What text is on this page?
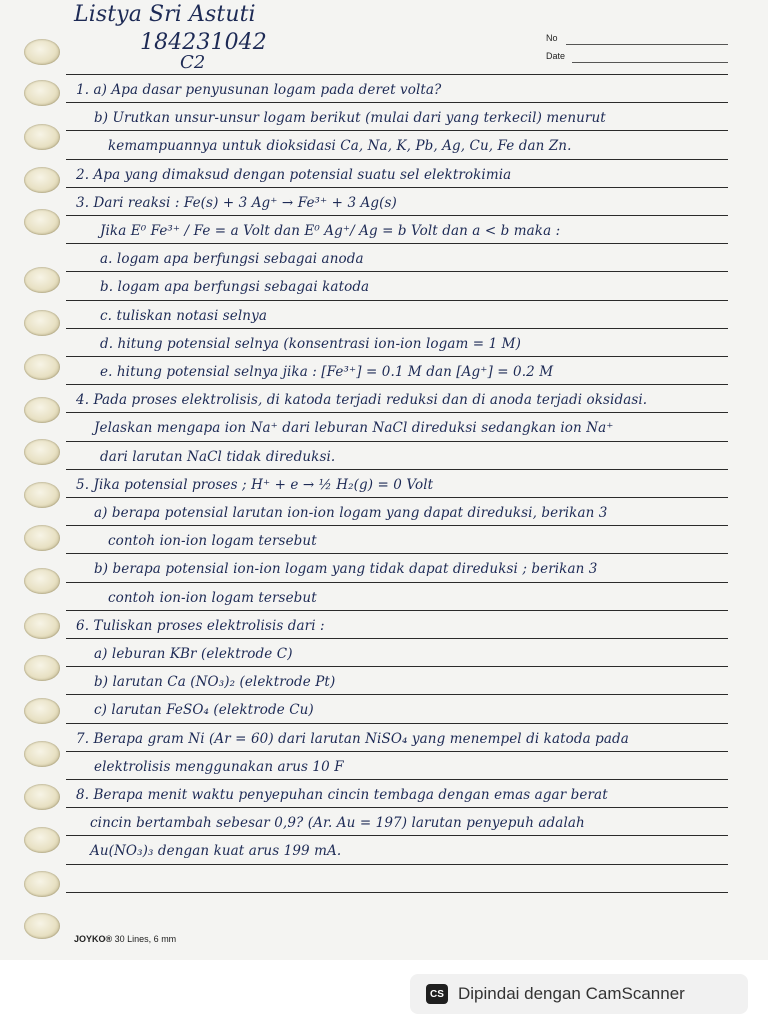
Listya Sri Astuti
184231042
C2
No
Date
1. a) Apa dasar penyusunan logam pada deret volta?
b) Urutkan unsur-unsur logam berikut (mulai dari yang terkecil) menurut
kemampuannya untuk dioksidasi Ca, Na, K, Pb, Ag, Cu, Fe dan Zn.
2. Apa yang dimaksud dengan potensial suatu sel elektrokimia
3. Dari reaksi : Fe(s) + 3 Ag⁺ → Fe³⁺ + 3 Ag(s)
Jika E⁰ Fe³⁺ / Fe = a Volt dan E⁰ Ag⁺/ Ag = b Volt dan a < b maka :
a. logam apa berfungsi sebagai anoda
b. logam apa berfungsi sebagai katoda
c. tuliskan notasi selnya
d. hitung potensial selnya (konsentrasi ion-ion logam = 1 M)
e. hitung potensial selnya jika : [Fe³⁺] = 0.1 M dan [Ag⁺] = 0.2 M
4. Pada proses elektrolisis, di katoda terjadi reduksi dan di anoda terjadi oksidasi.
Jelaskan mengapa ion Na⁺ dari leburan NaCl direduksi sedangkan ion Na⁺
dari larutan NaCl tidak direduksi.
5. Jika potensial proses ; H⁺ + e → ½ H₂(g) = 0 Volt
a) berapa potensial larutan ion-ion logam yang dapat direduksi, berikan 3
contoh ion-ion logam tersebut
b) berapa potensial ion-ion logam yang tidak dapat direduksi ; berikan 3
contoh ion-ion logam tersebut
6. Tuliskan proses elektrolisis dari :
a) leburan KBr (elektrode C)
b) larutan Ca (NO₃)₂ (elektrode Pt)
c) larutan FeSO₄ (elektrode Cu)
7. Berapa gram Ni (Ar = 60) dari larutan NiSO₄ yang menempel di katoda pada
elektrolisis menggunakan arus 10 F
8. Berapa menit waktu penyepuhan cincin tembaga dengan emas agar berat
cincin bertambah sebesar 0,9? (Ar. Au = 197) larutan penyepuh adalah
Au(NO₃)₃ dengan kuat arus 199 mA.
JOYKO® 30 Lines, 6 mm
CS Dipindai dengan CamScanner
